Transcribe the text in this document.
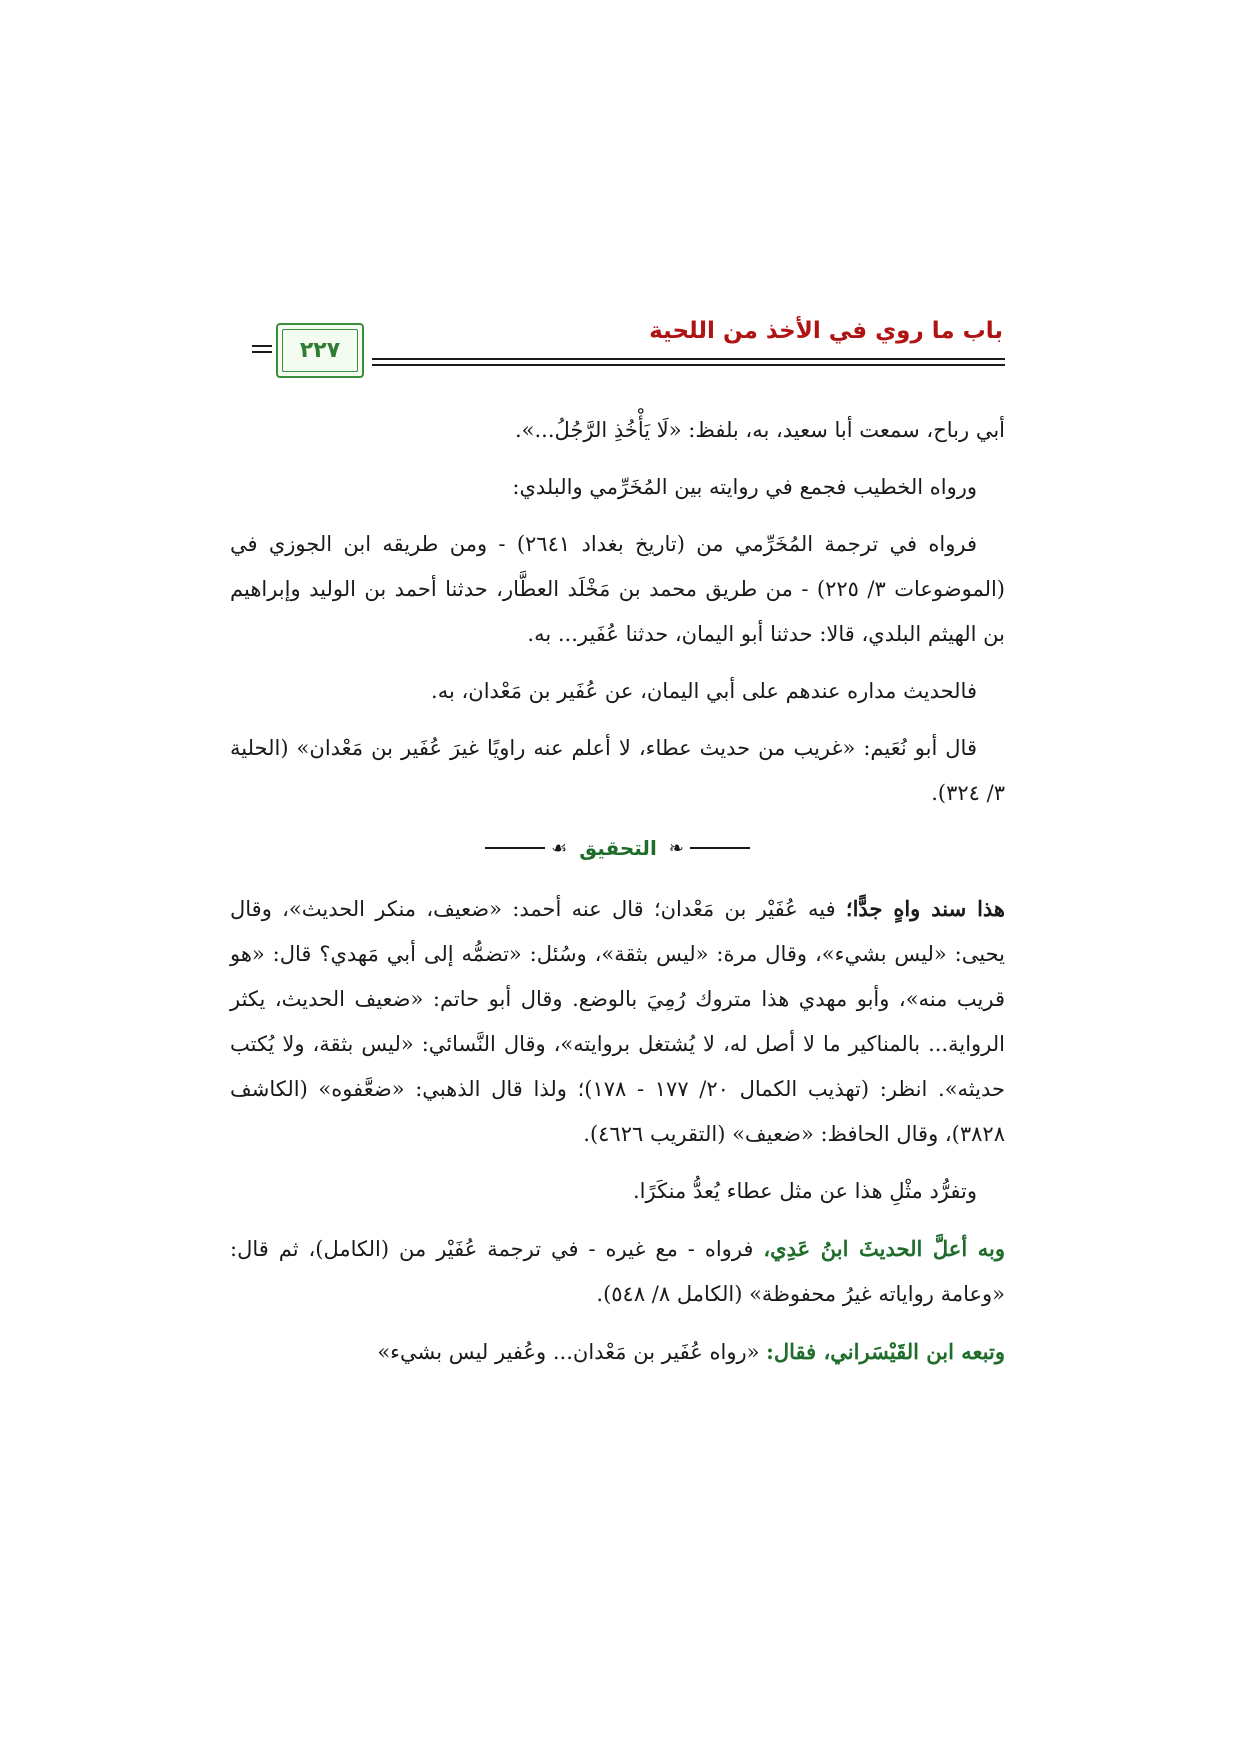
باب ما روي في الأخذ من اللحية
٢٢٧

أبي رباح، سمعت أبا سعيد، به، بلفظ: «لَا يَأْخُذِ الرَّجُلُ...».

ورواه الخطيب فجمع في روايته بين المُخَرِّمي والبلدي:

فرواه في ترجمة المُخَرِّمي من (تاريخ بغداد ٢٦٤١) - ومن طريقه ابن الجوزي في (الموضوعات ٣/ ٢٢٥) - من طريق محمد بن مَخْلَد العطَّار، حدثنا أحمد بن الوليد وإبراهيم بن الهيثم البلدي، قالا: حدثنا أبو اليمان، حدثنا عُفَير... به.

فالحديث مداره عندهم على أبي اليمان، عن عُفَير بن مَعْدان، به.

قال أبو نُعَيم: «غريب من حديث عطاء، لا أعلم عنه راويًا غيرَ عُفَير بن مَعْدان» (الحلية ٣/ ٣٢٤).

❧
التحقيق
☙

هذا سند واهٍ جدًّا؛ فيه عُفَيْر بن مَعْدان؛ قال عنه أحمد: «ضعيف، منكر الحديث»، وقال يحيى: «ليس بشيء»، وقال مرة: «ليس بثقة»، وسُئل: «تضمُّه إلى أبي مَهدي؟ قال: «هو قريب منه»، وأبو مهدي هذا متروك رُمِيَ بالوضع. وقال أبو حاتم: «ضعيف الحديث، يكثر الرواية... بالمناكير ما لا أصل له، لا يُشتغل بروايته»، وقال النَّسائي: «ليس بثقة، ولا يُكتب حديثه». انظر: (تهذيب الكمال ٢٠/ ١٧٧ - ١٧٨)؛ ولذا قال الذهبي: «ضعَّفوه» (الكاشف ٣٨٢٨)، وقال الحافظ: «ضعيف» (التقريب ٤٦٢٦).

وتفرُّد مثْلِ هذا عن مثل عطاء يُعدُّ منكَرًا.

وبه أعلَّ الحديثَ ابنُ عَدِي، فرواه - مع غيره - في ترجمة عُفَيْر من (الكامل)، ثم قال: «وعامة رواياته غيرُ محفوظة» (الكامل ٨/ ٥٤٨).

وتبعه ابن القَيْسَراني، فقال: «رواه عُفَير بن مَعْدان... وعُفير ليس بشيء»
